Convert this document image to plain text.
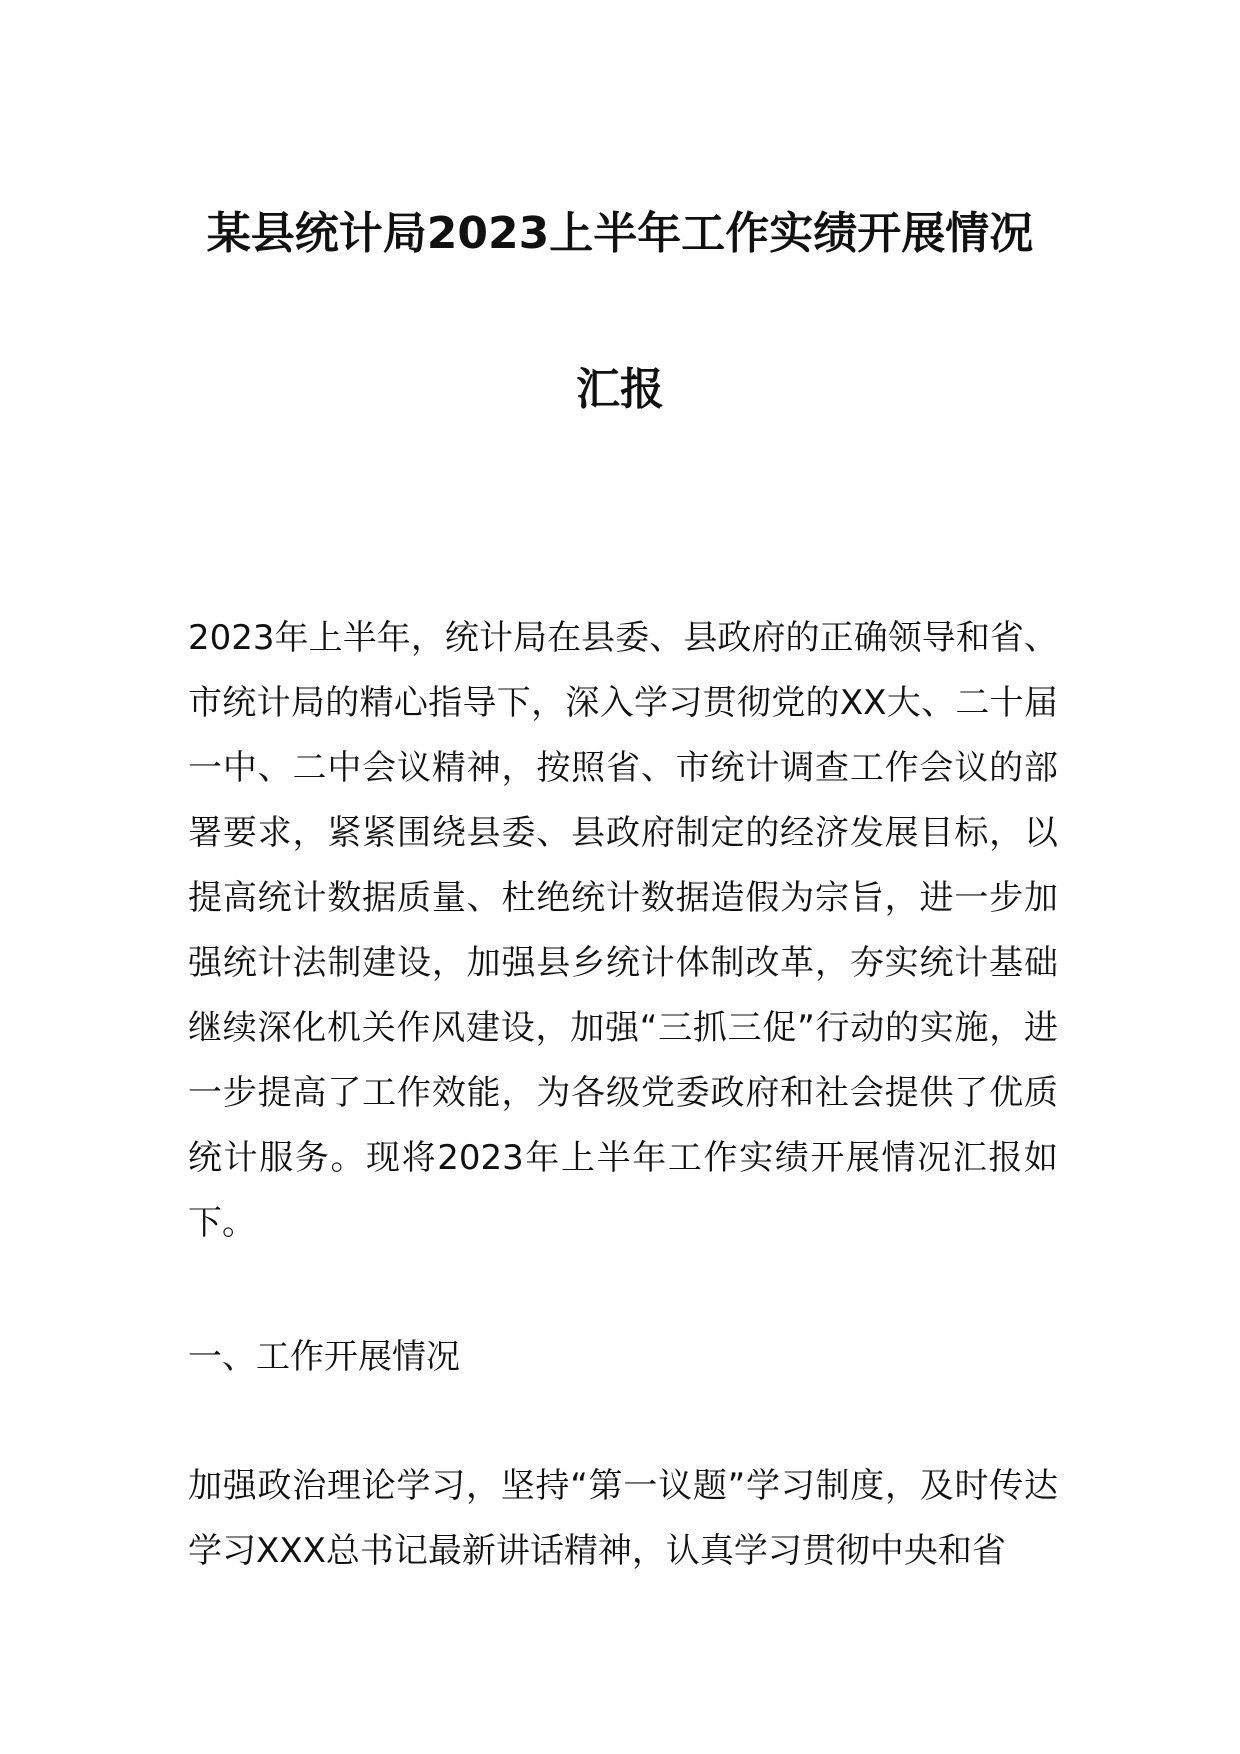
某县统计局2023上半年工作实绩开展情况
汇报

2023年上半年，统计局在县委、县政府的正确领导和省、市统计局的精心指导下，深入学习贯彻党的XX大、二十届一中、二中会议精神，按照省、市统计调查工作会议的部署要求，紧紧围绕县委、县政府制定的经济发展目标，以提高统计数据质量、杜绝统计数据造假为宗旨，进一步加强统计法制建设，加强县乡统计体制改革，夯实统计基础继续深化机关作风建设，加强“三抓三促”行动的实施，进一步提高了工作效能，为各级党委政府和社会提供了优质统计服务。现将2023年上半年工作实绩开展情况汇报如下。

一、工作开展情况

加强政治理论学习，坚持“第一议题”学习制度，及时传达学习XXX总书记最新讲话精神，认真学习贯彻中央和省
